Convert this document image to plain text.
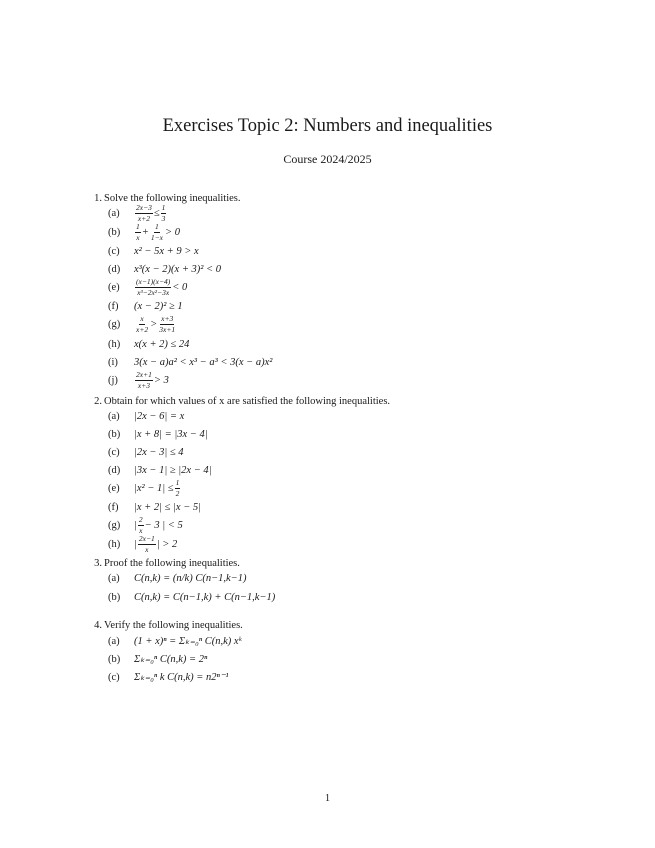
Exercises Topic 2: Numbers and inequalities
Course 2024/2025
1. Solve the following inequalities.
(a)	$\frac{2x-3}{x+2} \le \frac{1}{3}$
(b)	$\frac{1}{x} + \frac{1}{1-x} > 0$
(c)	x² − 5x + 9 > x
(d)	x³(x − 2)(x + 3)² < 0
(e)	$\frac{(x-1)(x-4)}{\text{x³−2x²−3x}} < 0$
(f)	(x − 2)² ≥ 1
(g)	$\frac{x}{x+2} > \frac{x+3}{3x+1}$
(h)	x(x + 2) ≤ 24
(i)	3(x − a)a² < x³ − a³ < 3(x − a)x²
(j)	$\frac{2x+1}{x+3} > 3$
2. Obtain for which values of x are satisfied the following inequalities.
(a)	|2x − 6| = x
(b)	|x + 8| = |3x − 4|
(c)	|2x − 3| ≤ 4
(d)	|3x − 1| ≥ |2x − 4|
(e)	$|x^2 - 1| \le \frac{1}{2}$
(f)	|x + 2| ≤ |x − 5|
(g)	| $\frac{2}{x} - 3$ | < 5
(h)	| $\frac{2x-1}{x}$ | > 2
3. Proof the following inequalities.
(a)	C(n,k) = (n/k) C(n−1,k−1)
(b)	C(n,k) = C(n−1,k) + C(n−1,k−1)
4. Verify the following inequalities.
(a)	(1 + x)ⁿ = Σₖ₌₀ⁿ C(n,k) xᵏ
(b)	Σₖ₌₀ⁿ C(n,k) = 2ⁿ
(c)	Σₖ₌₀ⁿ k C(n,k) = n2ⁿ⁻¹
1
